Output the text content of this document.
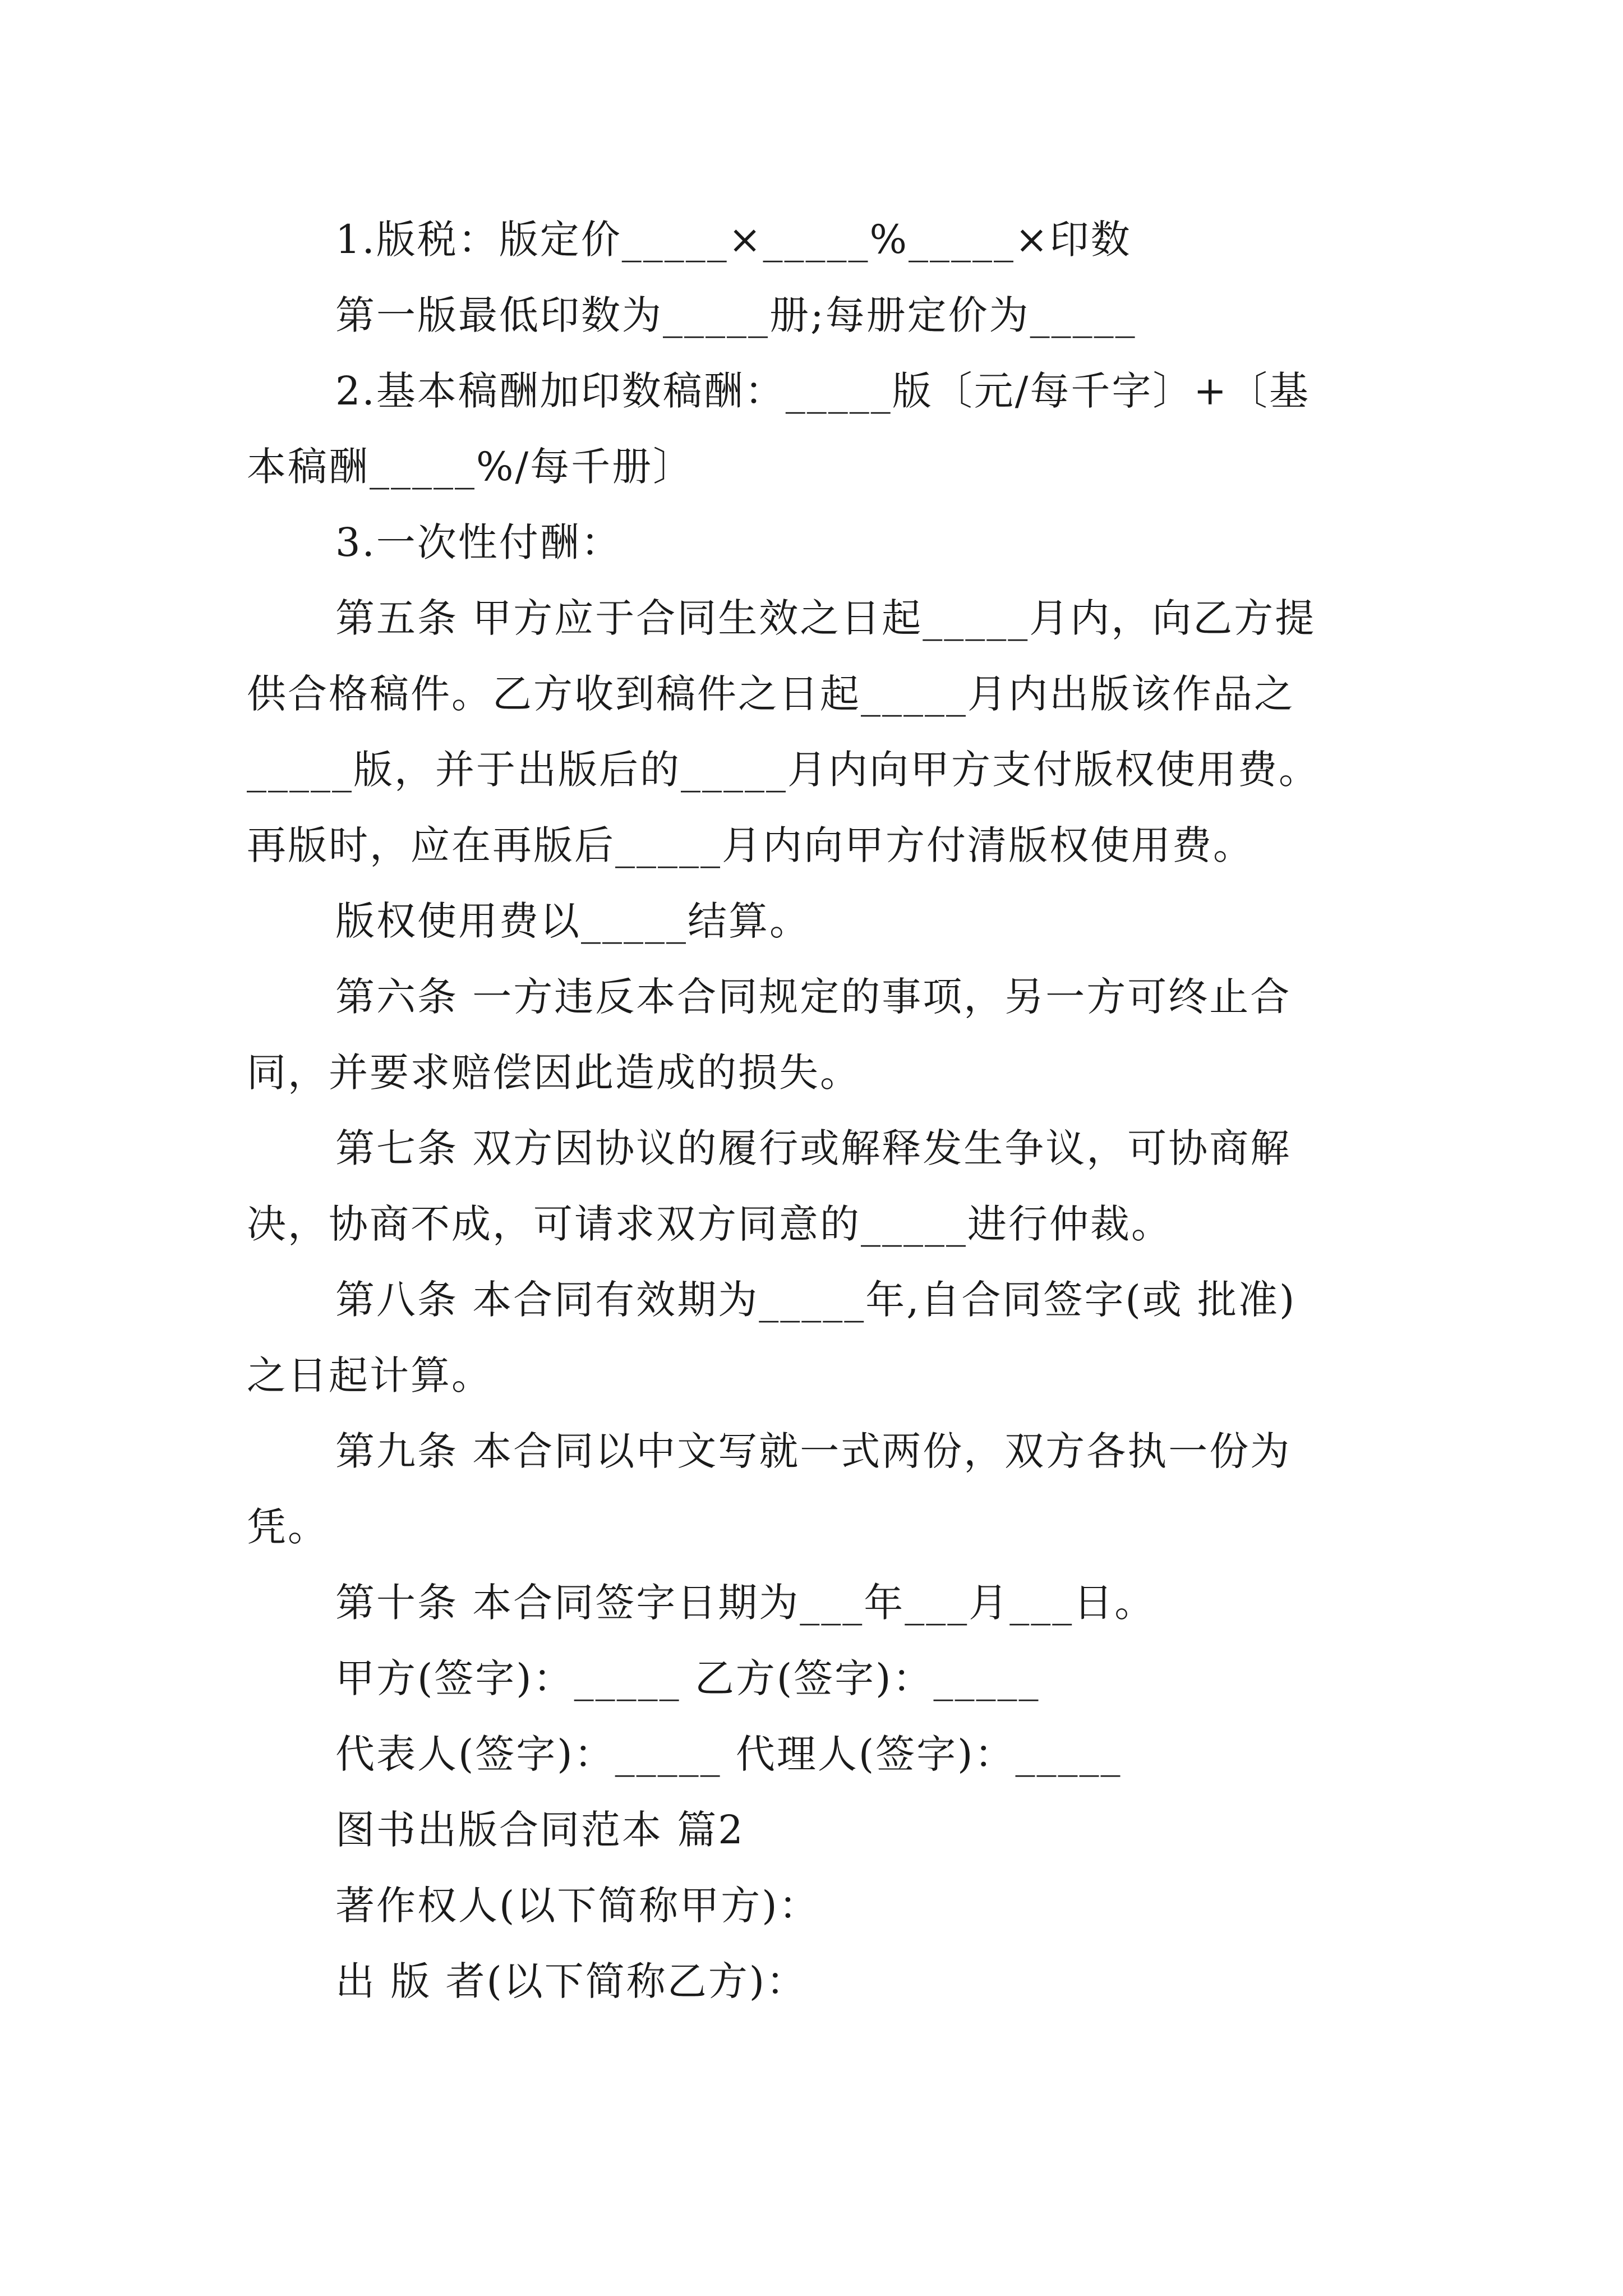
1.版税：版定价_____×_____%_____×印数
第一版最低印数为_____册;每册定价为_____
2.基本稿酬加印数稿酬：_____版〔元/每千字〕+〔基
本稿酬_____%/每千册〕
3.一次性付酬：
第五条 甲方应于合同生效之日起_____月内，向乙方提
供合格稿件。乙方收到稿件之日起_____月内出版该作品之
_____版，并于出版后的_____月内向甲方支付版权使用费。
再版时，应在再版后_____月内向甲方付清版权使用费。
版权使用费以_____结算。
第六条 一方违反本合同规定的事项，另一方可终止合
同，并要求赔偿因此造成的损失。
第七条 双方因协议的履行或解释发生争议，可协商解
决，协商不成，可请求双方同意的_____进行仲裁。
第八条 本合同有效期为_____年,自合同签字(或 批准)
之日起计算。
第九条 本合同以中文写就一式两份，双方各执一份为
凭。
第十条 本合同签字日期为___年___月___日。
甲方(签字)：_____ 乙方(签字)：_____
代表人(签字)：_____ 代理人(签字)：_____
图书出版合同范本 篇2
著作权人(以下简称甲方)：
出 版 者(以下简称乙方)：
